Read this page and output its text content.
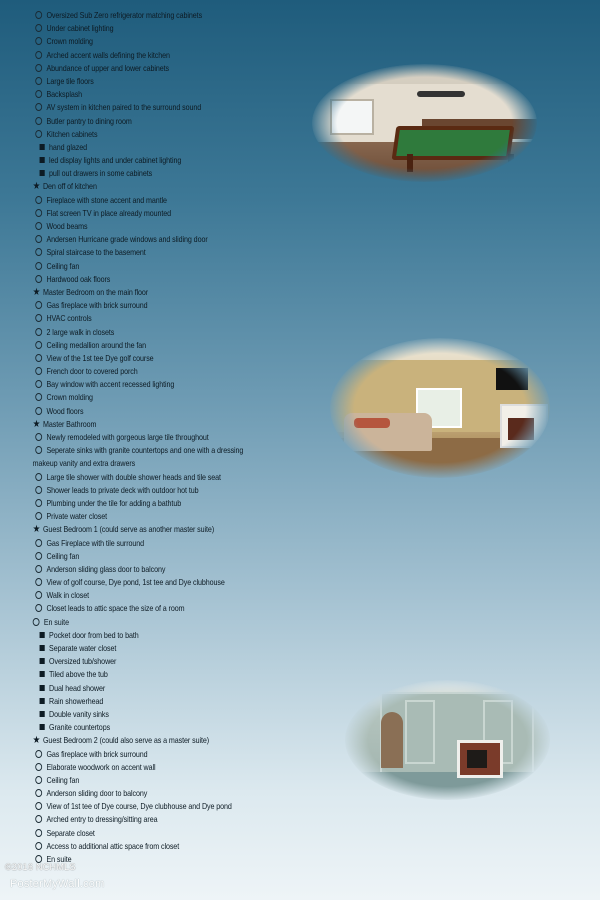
Oversized Sub Zero refrigerator matching cabinets
Under cabinet lighting
Crown molding
Arched accent walls defining the kitchen
Abundance of upper and lower cabinets
Large tile floors
Backsplash
AV system in kitchen paired to the surround sound
Butler pantry to dining room
Kitchen cabinets
hand glazed
led display lights and under cabinet lighting
pull out drawers in some cabinets
★ Den off of kitchen
Fireplace with stone accent and mantle
Flat screen TV in place already mounted
Wood beams
Andersen Hurricane grade windows and sliding door
Spiral staircase to the basement
Ceiling fan
Hardwood oak floors
★ Master Bedroom on the main floor
Gas fireplace with brick surround
HVAC controls
2 large walk in closets
Ceiling medallion around the fan
View of the 1st tee Dye golf course
French door to covered porch
Bay window with accent recessed lighting
Crown molding
Wood floors
★ Master Bathroom
Newly remodeled with gorgeous large tile throughout
Seperate sinks with granite countertops and one with a dressing
makeup vanity and extra drawers
Large tile shower with double shower heads and tile seat
Shower leads to private deck with outdoor hot tub
Plumbing under the tile for adding a bathtub
Private water closet
★ Guest Bedroom 1 (could serve as another master suite)
Gas Fireplace with tile surround
Ceiling fan
Anderson sliding glass door to balcony
View of golf course, Dye pond, 1st tee and Dye clubhouse
Walk in closet
Closet leads to attic space the size of a room
En suite
Pocket door from bed to bath
Separate water closet
Oversized tub/shower
Tiled above the tub
Dual head shower
Rain showerhead
Double vanity sinks
Granite countertops
★ Guest Bedroom 2 (could also serve as a master suite)
Gas fireplace with brick surround
Elaborate woodwork on accent wall
Ceiling fan
Anderson sliding door to balcony
View of 1st tee of Dye course, Dye clubhouse and Dye pond
Arched entry to dressing/sitting area
Separate closet
Access to additional attic space from closet
En suite
©2016 NCHMLS
PosterMyWall.com
